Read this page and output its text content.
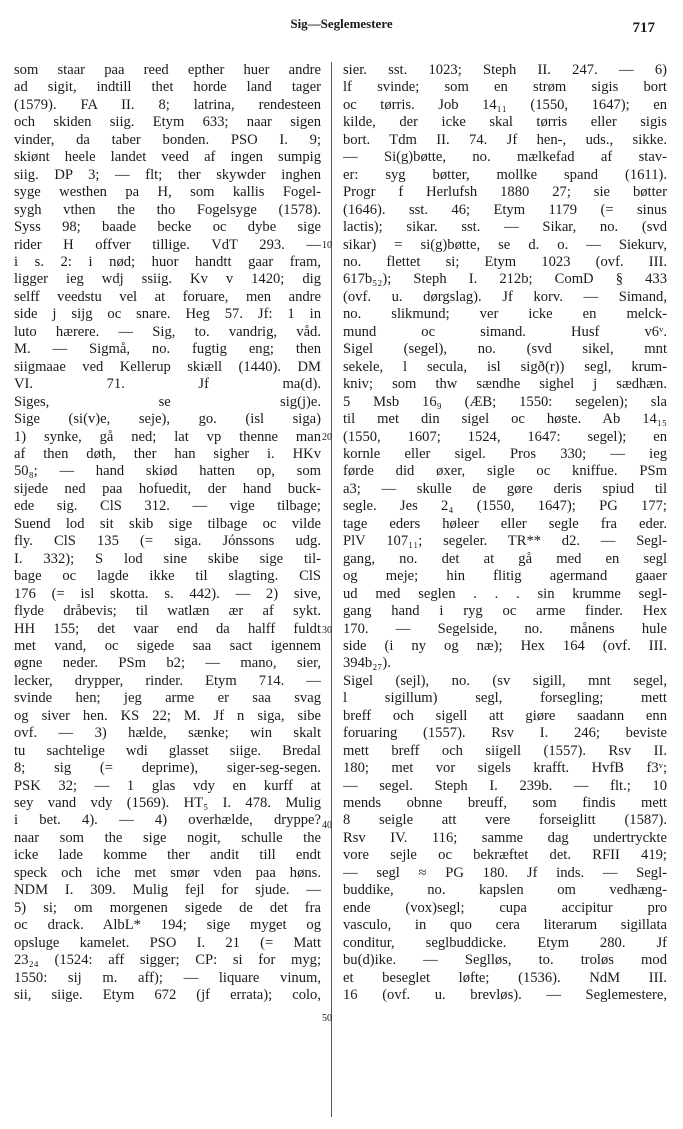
Sig—Seglemestere	717
som staar paa reed epther huer andre
ad sigit, indtill thet horde land tager
(1579). FA II. 8; latrina, rendesteen
och skiden siig. Etym 633; naar sigen
vinder, da taber bonden. PSO I. 9;
skiønt heele landet veed af ingen sumpig
siig. DP 3; — flt; ther skywder inghen
syge westhen pa H, som kallis Fogel-
sygh vthen the tho Fogelsyge (1578).
Syss 98; baade becke oc dybe sige
rider H offver tillige. VdT 293. —
i s. 2: i nød; huor handtt gaar fram,
ligger ieg wdj ssiig. Kv v 1420; dig
selff veedstu vel at foruare, men andre
side j sijg oc snare. Heg 57. Jf: 1 in
luto hærere. — Sig, to. vandrig, våd.
M. — Sigmå, no. fugtig eng; then
siigmaae ved Kellerup skiæll (1440). DM
VI. 71. Jf ma(d).
Siges, se sig(j)e.
Sige (si(v)e, seje), go. (isl siga)
1) synke, gå ned; lat vp thenne man
af then døth, ther han sigher i. HKv
50₈; — hand skiød hatten op, som
sijede ned paa hofuedit, der hand buck-
ede sig. ClS 312. — vige tilbage;
Suend lod sit skib sige tilbage oc vilde
fly. ClS 135 (= siga. Jónssons udg.
I. 332); S lod sine skibe sige til-
bage oc lagde ikke til slagting. ClS
176 (= isl skotta. s. 442). — 2) sive,
flyde dråbevis; til watlæn ær af sykt.
HH 155; det vaar end da halff fuldt
met vand, oc sigede saa sact igennem
øgne neder. PSm b2; — mano, sier,
lecker, drypper, rinder. Etym 714. —
svinde hen; jeg arme er saa svag
og siver hen. KS 22; M. Jf n siga, sibe
ovf. — 3) hælde, sænke; win skalt
tu sachtelige wdi glasset siige. Bredal
8; sig (= deprime), siger-seg-segen.
PSK 32; — 1 glas vdy en kurff at
sey vand vdy (1569). HT₅ I. 478. Mulig
i bet. 4). — 4) overhælde, dryppe?
naar som the sige nogit, schulle the
icke lade komme ther andit till endt
speck och iche met smør vden paa høns.
NDM I. 309. Mulig fejl for sjude. —
5) si; om morgenen sigede de det fra
oc drack. AlbL* 194; sige myget og
opsluge kamelet. PSO I. 21 (= Matt
23₂₄ (1524: aff sigger; CP: si for myg;
1550: sij m. aff); — liquare vinum,
sii, siige. Etym 672 (jf errata); colo,
sier. sst. 1023; Steph II. 247. — 6)
lf svinde; som en strøm sigis bort
oc tørris. Job 14₁₁ (1550, 1647); en
kilde, der icke skal tørris eller sigis
bort. Tdm II. 74. Jf hen-, uds., sikke.
— Si(g)bøtte, no. mælkefad af stav-
er: syg bøtter, mollke spand (1611).
Progr f Herlufsh 1880 27; sie bøtter
(1646). sst. 46; Etym 1179 (= sinus
lactis); sikar. sst. — Sikar, no. (svd
sikar) = si(g)bøtte, se d. o. — Siekurv,
no. flettet si; Etym 1023 (ovf. III.
617b₅₂); Steph I. 212b; ComD § 433
(ovf. u. dørgslag). Jf korv. — Simand,
no. slikmund; ver icke en melck-
mund oc simand. Husf v6ᵛ.
Sigel (segel), no. (svd sikel, mnt
sekele, l secula, isl sigð(r)) segl, krum-
kniv; som thw sændhe sighel j sædhæn.
5 Msb 16₉ (ÆB; 1550: segelen); sla
til met din sigel oc høste. Ab 14₁₅
(1550, 1607; 1524, 1647: segel); en
kornle eller sigel. Pros 330; — ieg
førde did øxer, sigle oc kniffue. PSm
a3; — skulle de gøre deris spiud til
segle. Jes 2₄ (1550, 1647); PG 177;
tage eders høleer eller segle fra eder.
PlV 107₁₁; segeler. TR** d2. — Segl-
gang, no. det at gå med en segl
og meje; hin flitig agermand gaaer
ud med seglen . . . sin krumme segl-
gang hand i ryg oc arme finder. Hex
170. — Segelside, no. månens hule
side (i ny og næ); Hex 164 (ovf. III.
394b₂₇).
Sigel (sejl), no. (sv sigill, mnt segel,
l sigillum) segl, forsegling; mett
breff och sigell att giøre saadann enn
foruaring (1557). Rsv I. 246; beviste
mett breff och siigell (1557). Rsv II.
180; met vor sigels krafft. HvfB f3ᵛ;
— segel. Steph I. 239b. — flt.; 10
mends obnne breuff, som findis mett
8 seigle att vere forseiglitt (1587).
Rsv IV. 116; samme dag undertryckte
vore sejle oc bekræftet det. RFII 419;
— segl ≈ PG 180. Jf inds. — Segl-
buddike, no. kapslen om vedhæng-
ende (vox)segl; cupa accipitur pro
vasculo, in quo cera literarum sigillata
conditur, seglbuddicke. Etym 280. Jf
bu(d)ike. — Seglløs, to. troløs mod
et beseglet løfte; (1536). NdM III.
16 (ovf. u. brevløs). — Seglemestere,
10
20
30
40
50
